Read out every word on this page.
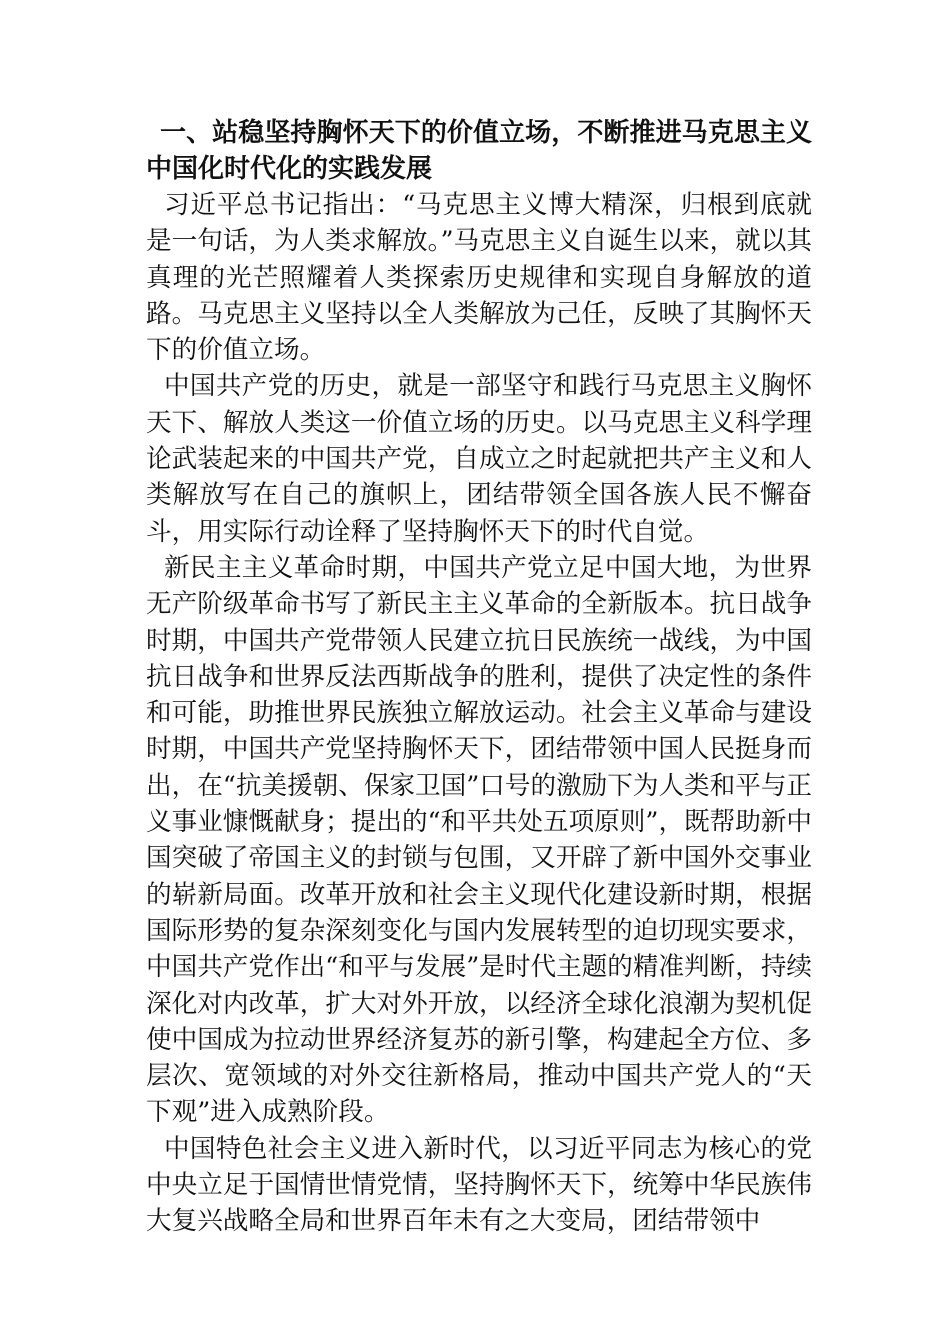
一、站稳坚持胸怀天下的价值立场，不断推进马克思主义中国化时代化的实践发展

习近平总书记指出：“马克思主义博大精深，归根到底就是一句话，为人类求解放。”马克思主义自诞生以来，就以其真理的光芒照耀着人类探索历史规律和实现自身解放的道路。马克思主义坚持以全人类解放为己任，反映了其胸怀天下的价值立场。

中国共产党的历史，就是一部坚守和践行马克思主义胸怀天下、解放人类这一价值立场的历史。以马克思主义科学理论武装起来的中国共产党，自成立之时起就把共产主义和人类解放写在自己的旗帜上，团结带领全国各族人民不懈奋斗，用实际行动诠释了坚持胸怀天下的时代自觉。

新民主主义革命时期，中国共产党立足中国大地，为世界无产阶级革命书写了新民主主义革命的全新版本。抗日战争时期，中国共产党带领人民建立抗日民族统一战线，为中国抗日战争和世界反法西斯战争的胜利，提供了决定性的条件和可能，助推世界民族独立解放运动。社会主义革命与建设时期，中国共产党坚持胸怀天下，团结带领中国人民挺身而出，在“抗美援朝、保家卫国”口号的激励下为人类和平与正义事业慷慨献身；提出的“和平共处五项原则”，既帮助新中国突破了帝国主义的封锁与包围，又开辟了新中国外交事业的崭新局面。改革开放和社会主义现代化建设新时期，根据国际形势的复杂深刻变化与国内发展转型的迫切现实要求，中国共产党作出“和平与发展”是时代主题的精准判断，持续深化对内改革，扩大对外开放，以经济全球化浪潮为契机促使中国成为拉动世界经济复苏的新引擎，构建起全方位、多层次、宽领域的对外交往新格局，推动中国共产党人的“天下观”进入成熟阶段。

中国特色社会主义进入新时代，以习近平同志为核心的党中央立足于国情世情党情，坚持胸怀天下，统筹中华民族伟大复兴战略全局和世界百年未有之大变局，团结带领中
